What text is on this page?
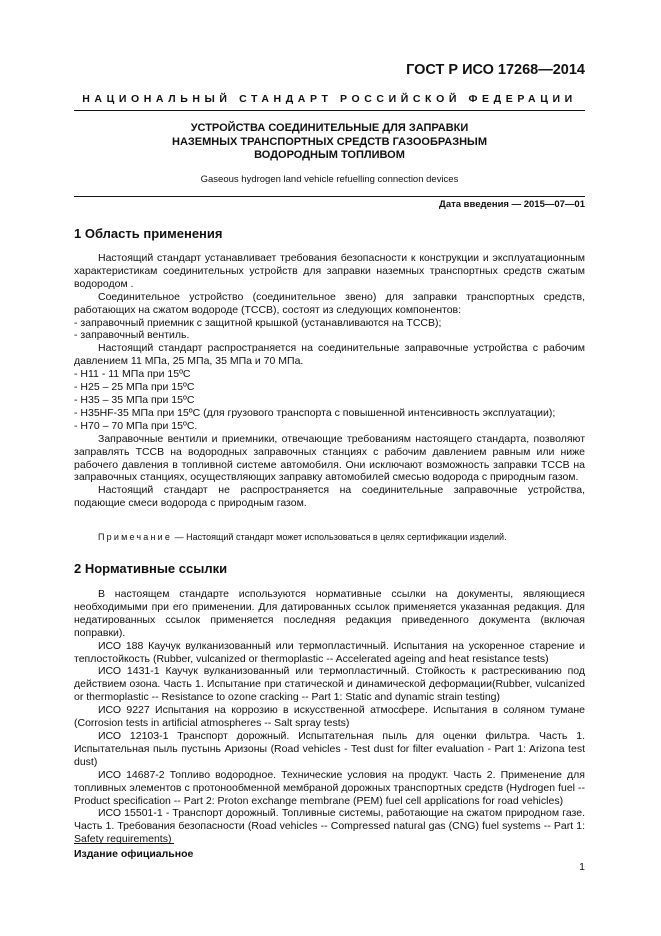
ГОСТ Р ИСО 17268—2014
НАЦИОНАЛЬНЫЙ СТАНДАРТ РОССИЙСКОЙ ФЕДЕРАЦИИ
УСТРОЙСТВА СОЕДИНИТЕЛЬНЫЕ ДЛЯ ЗАПРАВКИ
НАЗЕМНЫХ ТРАНСПОРТНЫХ СРЕДСТВ ГАЗООБРАЗНЫМ
ВОДОРОДНЫМ ТОПЛИВОМ
Gaseous hydrogen land vehicle refuelling connection devices
Дата введения — 2015—07—01
1 Область применения

Настоящий стандарт устанавливает требования безопасности к конструкции и эксплуатационным характеристикам соединительных устройств для заправки наземных транспортных средств сжатым водородом .

Соединительное устройство (соединительное звено) для заправки транспортных средств, работающих на сжатом водороде (ТССВ), состоят из следующих компонентов:

- заправочный приемник с защитной крышкой (устанавливаются на ТССВ);

- заправочный вентиль.

Настоящий стандарт распространяется на соединительные заправочные устройства с рабочим давлением 11 МПа, 25 МПа, 35 МПа и 70 МПа.

- Н11 - 11 МПа при 15ºС

- Н25 – 25 МПа при 15ºС

- Н35 – 35 МПа при 15ºС

- Н35HF-35 МПа при 15ºС (для грузового транспорта с повышенной интенсивность эксплуатации);

- Н70 – 70 МПа при 15ºС.

Заправочные вентили и приемники, отвечающие требованиям настоящего стандарта, позволяют заправлять ТССВ на водородных заправочных станциях с рабочим давлением равным или ниже рабочего давления в топливной системе автомобиля. Они исключают возможность заправки ТССВ на заправочных станциях, осуществляющих заправку автомобилей смесью водорода с природным газом.

Настоящий стандарт не распространяется на соединительные заправочные устройства, подающие смеси водорода с природным газом.

Примечание — Настоящий стандарт может использоваться в целях сертификации изделий.
2 Нормативные ссылки

В настоящем стандарте используются нормативные ссылки на документы, являющиеся необходимыми при его применении. Для датированных ссылок применяется указанная редакция. Для недатированных ссылок применяется последняя редакция приведенного документа (включая поправки).

ИСО 188 Каучук вулканизованный или термопластичный. Испытания на ускоренное старение и теплостойкость (Rubber, vulcanized or thermoplastic -- Accelerated ageing and heat resistance tests)

ИСО 1431-1 Каучук вулканизованный или термопластичный. Стойкость к растрескиванию под действием озона. Часть 1. Испытание при статической и динамической деформации(Rubber, vulcanized or thermoplastic -- Resistance to ozone cracking -- Part 1: Static and dynamic strain testing)

ИСО 9227 Испытания на коррозию в искусственной атмосфере. Испытания в соляном тумане (Corrosion tests in artificial atmospheres -- Salt spray tests)

ИСО 12103-1 Транспорт дорожный. Испытательная пыль для оценки фильтра. Часть 1. Испытательная пыль пустынь Аризоны (Road vehicles - Test dust for filter evaluation - Part 1: Arizona test dust)

ИСО 14687-2 Топливо водородное. Технические условия на продукт. Часть 2. Применение для топливных элементов с протонообменной мембраной дорожных транспортных средств (Hydrogen fuel -- Product specification -- Part 2: Proton exchange membrane (PEM) fuel cell applications for road vehicles)

ИСО 15501-1 - Транспорт дорожный. Топливные системы, работающие на сжатом природном газе. Часть 1. Требования безопасности (Road vehicles -- Compressed natural gas (CNG) fuel systems -- Part 1: Safety requirements)

Издание официальное
1
